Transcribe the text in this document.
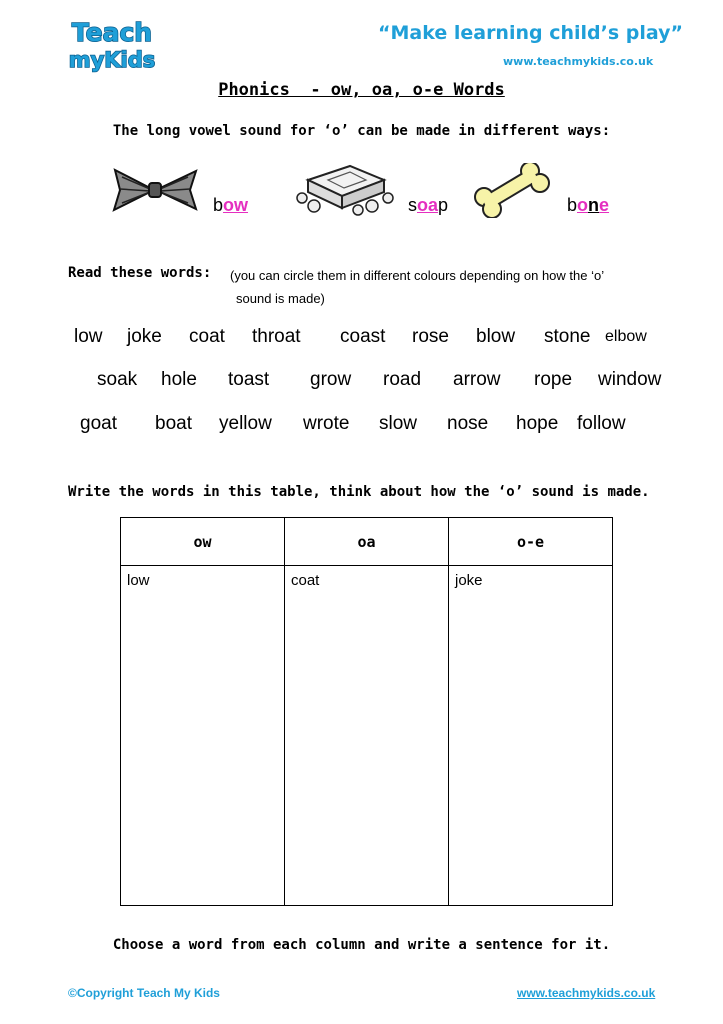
Teach
myKids
“Make learning child’s play”
www.teachmykids.co.uk
Phonics  - ow, oa, o-e Words
The long vowel sound for ‘o’ can be made in different ways:
bow	soap	bone
Read these words: (you can circle them in different colours depending on how the ‘o’
sound is made)
low joke coat throat coast rose blow stone elbow
soak hole toast grow road arrow rope window
goat boat yellow wrote slow nose hope follow
Write the words in this table, think about how the ‘o’ sound is made.
ow	oa	o-e
low	coat	joke
Choose a word from each column and write a sentence for it.
©Copyright Teach My Kids	www.teachmykids.co.uk
